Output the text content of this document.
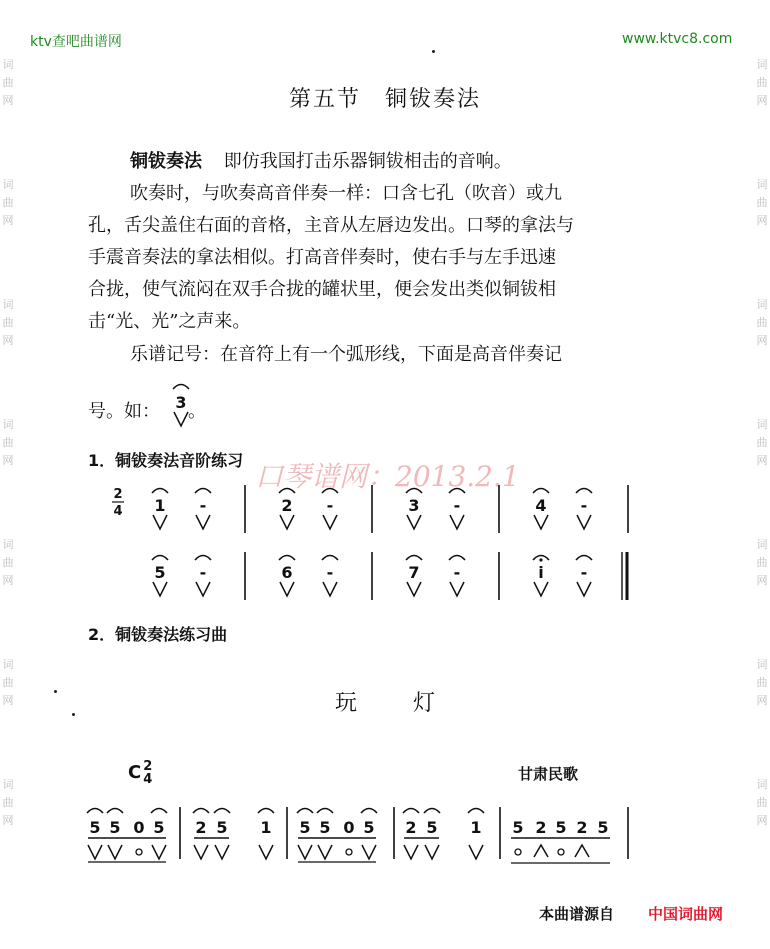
词
曲
网
词
曲
网
词
曲
网
词
曲
网
词
曲
网
词
曲
网
词
曲
网
词
曲
网
词
曲
网
词
曲
网
词
曲
网
词
曲
网
词
曲
网
词
曲
网
ktv查吧曲谱网	www.ktvc8.com
第五节　铜钹奏法
铜钹奏法 即仿我国打击乐器铜钹相击的音响。
吹奏时，与吹奏高音伴奏一样：口含七孔（吹音）或九
孔，舌尖盖住右面的音格，主音从左唇边发出。口琴的拿法与
手震音奏法的拿法相似。打高音伴奏时，使右手与左手迅速
合拢，使气流闷在双手合拢的罐状里，便会发出类似铜钹相
击“光、光”之声来。
乐谱记号：在音符上有一个弧形线，下面是高音伴奏记
号。如： 。
1．铜钹奏法音阶练习 口琴谱网：2013.2.1
2．铜钹奏法练习曲
玩灯
C 2
4	甘肃民歌
本曲谱源自 中国词曲网
3
2
4 1 -	2 -	3 -	4 -
5 -	6 -	7 -	i -
5 5 0 5 2 5 1 5 5 0 5 2 5 1 5 2 5 2 5
